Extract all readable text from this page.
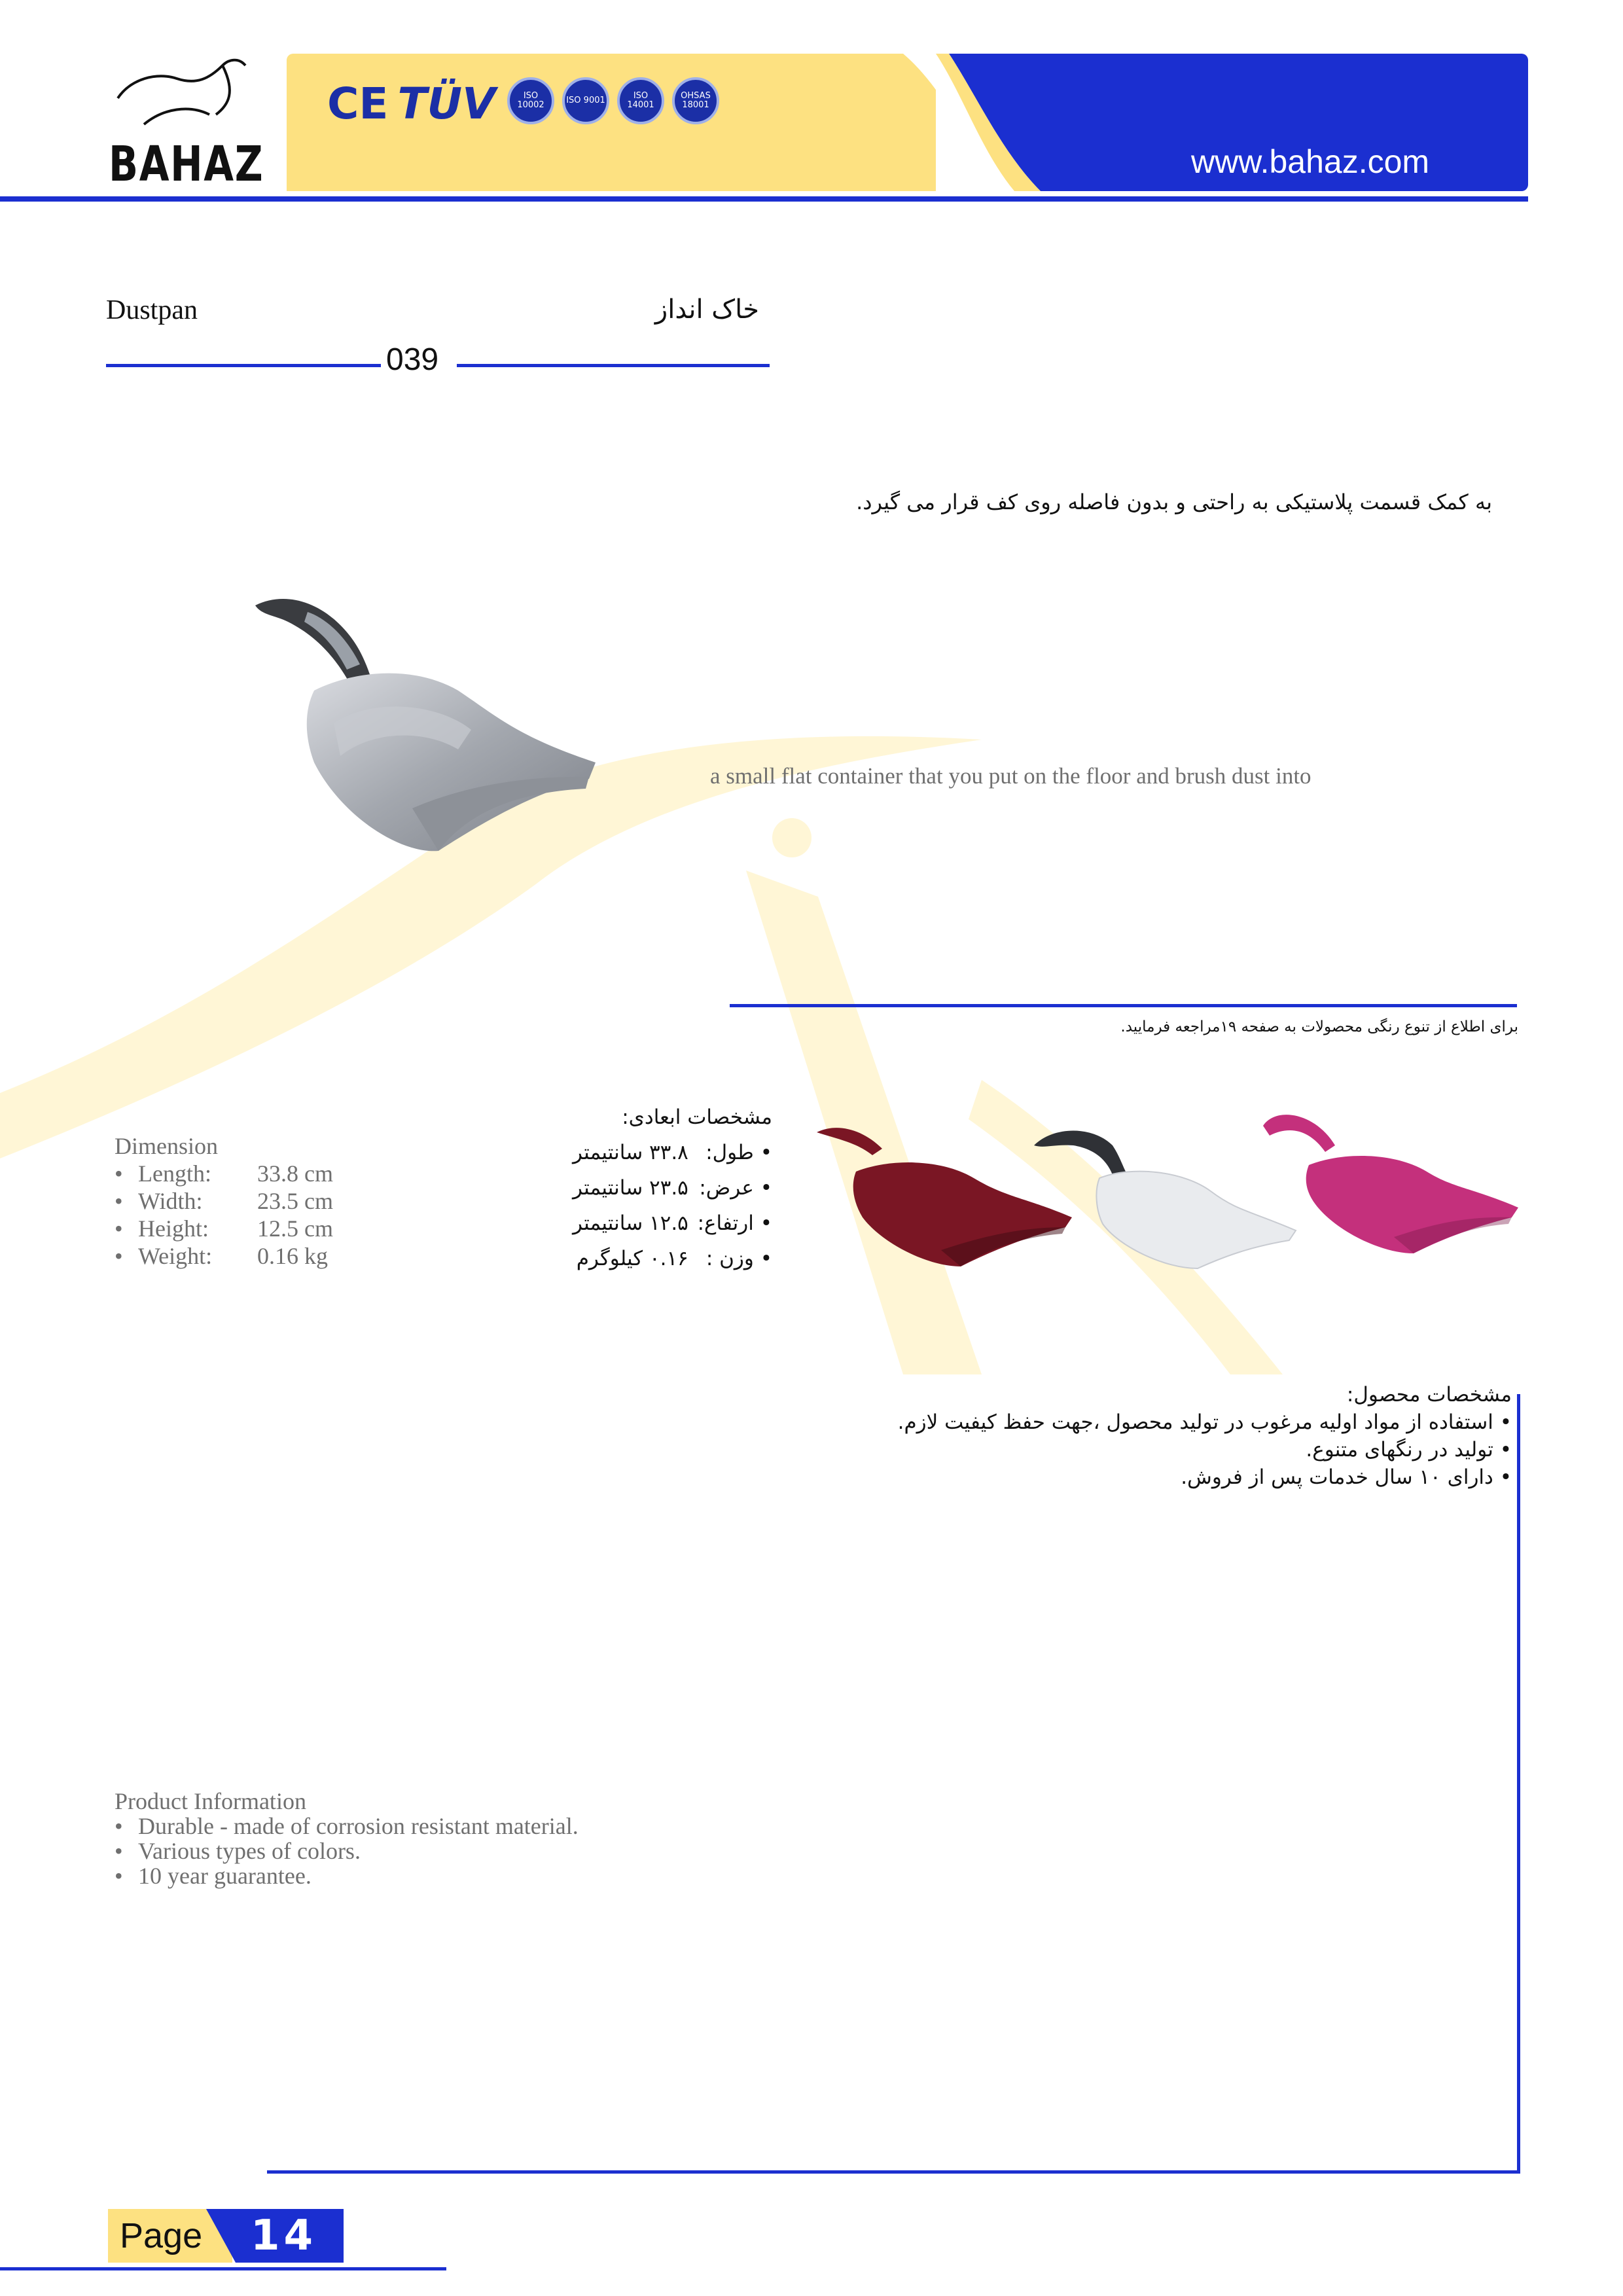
BAHAZ
CE TÜV	ISO 10002	ISO 9001	ISO 14001
OHSAS 18001
www.bahaz.com
Dustpan	خاک انداز
039
به کمک قسمت پلاستیکی به راحتی و بدون فاصله روی کف قرار می گیرد.
a small flat container that you put on the floor and brush dust into
برای اطلاع از تنوع رنگی محصولات به صفحه ۱۹مراجعه فرمایید.
Dimension
• Length: 33.8 cm
• Width: 23.5 cm
• Height: 12.5 cm
• Weight: 0.16 kg
مشخصات ابعادی:
• طول:۳۳.۸ سانتیمتر
• عرض:۲۳.۵ سانتیمتر
• ارتفاع:۱۲.۵ سانتیمتر
• وزن :۰.۱۶ کیلوگرم
مشخصات محصول:
• استفاده از مواد اولیه مرغوب در تولید محصول ،جهت حفظ کیفیت لازم.
• تولید در رنگهای متنوع.
• دارای ۱۰ سال خدمات پس از فروش.
Product Information
• Durable - made of corrosion resistant material.
• Various types of colors.
• 10 year guarantee.
Page 14
